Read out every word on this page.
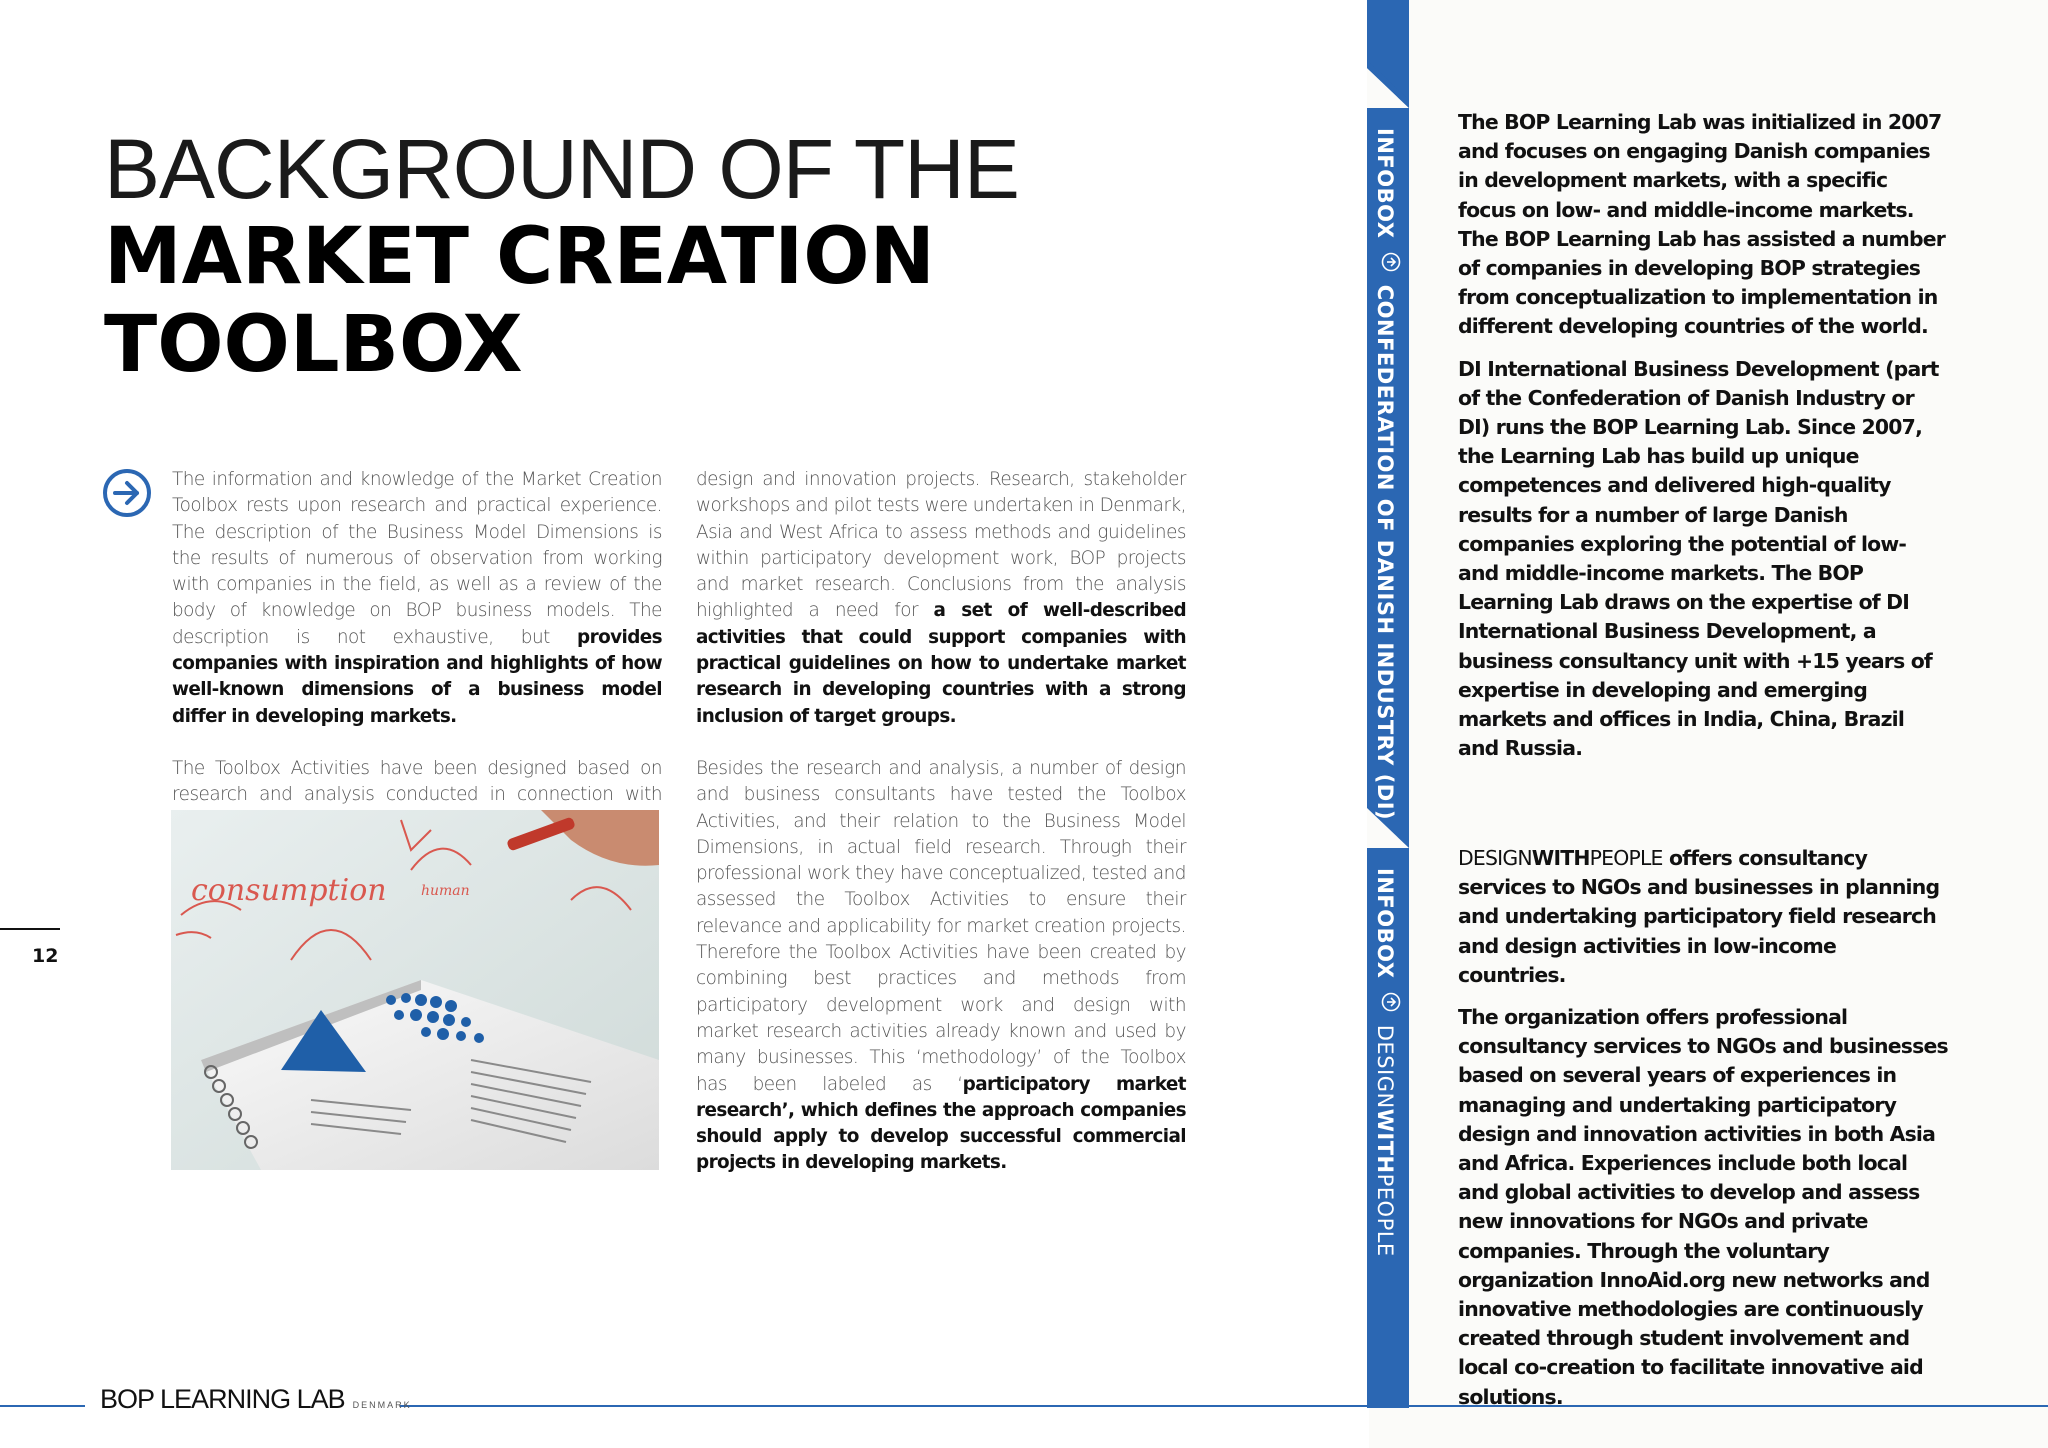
BACKGROUND OF THE
MARKET CREATION
TOOLBOX

The information and knowledge of the Market Creation Toolbox rests upon research and practical experience. The description of the Business Model Dimensions is the results of numerous of observation from working with companies in the field, as well as a review of the body of knowledge on BOP business models. The description is not exhaustive, but provides companies with inspiration and highlights of how well-known dimensions of a business model differ in developing markets.

The Toolbox Activities have been designed based on research and analysis conducted in connection with

consumption human

design and innovation projects. Research, stakeholder workshops and pilot tests were undertaken in Denmark, Asia and West Africa to assess methods and guidelines within participatory development work, BOP projects and market research. Conclusions from the analysis highlighted a need for a set of well-described activities that could support companies with practical guidelines on how to undertake market research in developing countries with a strong inclusion of target groups.

Besides the research and analysis, a number of design and business consultants have tested the Toolbox Activities, and their relation to the Business Model Dimensions, in actual field research. Through their professional work they have conceptualized, tested and assessed the Toolbox Activities to ensure their relevance and applicability for market creation projects. Therefore the Toolbox Activities have been created by combining best practices and methods from participatory development work and design with market research activities already known and used by many businesses. This ‘methodology’ of the Toolbox has been labeled as ‘participatory market research’, which defines the approach companies should apply to develop successful commercial projects in developing markets.

12
BOP LEARNING LAB DENMARK
INFOBOX  CONFEDERATION OF DANISH INDUSTRY (DI)
INFOBOX  DESIGNWITHPEOPLE

The BOP Learning Lab was initialized in 2007 and focuses on engaging Danish companies in development markets, with a specific focus on low- and middle-income markets. The BOP Learning Lab has assisted a number of companies in developing BOP strategies from conceptualization to implementation in different developing countries of the world.

DI International Business Development (part of the Confederation of Danish Industry or DI) runs the BOP Learning Lab. Since 2007, the Learning Lab has build up unique competences and delivered high-quality results for a number of large Danish companies exploring the potential of low- and middle-income markets. The BOP Learning Lab draws on the expertise of DI International Business Development, a business consultancy unit with +15 years of expertise in developing and emerging markets and offices in India, China, Brazil and Russia.

DESIGNWITHPEOPLE offers consultancy services to NGOs and businesses in planning and undertaking participatory field research and design activities in low-income countries.

The organization offers professional consultancy services to NGOs and businesses based on several years of experiences in managing and undertaking participatory design and innovation activities in both Asia and Africa. Experiences include both local and global activities to develop and assess new innovations for NGOs and private companies. Through the voluntary organization InnoAid.org new networks and innovative methodologies are continuously created through student involvement and local co-creation to facilitate innovative aid solutions.
